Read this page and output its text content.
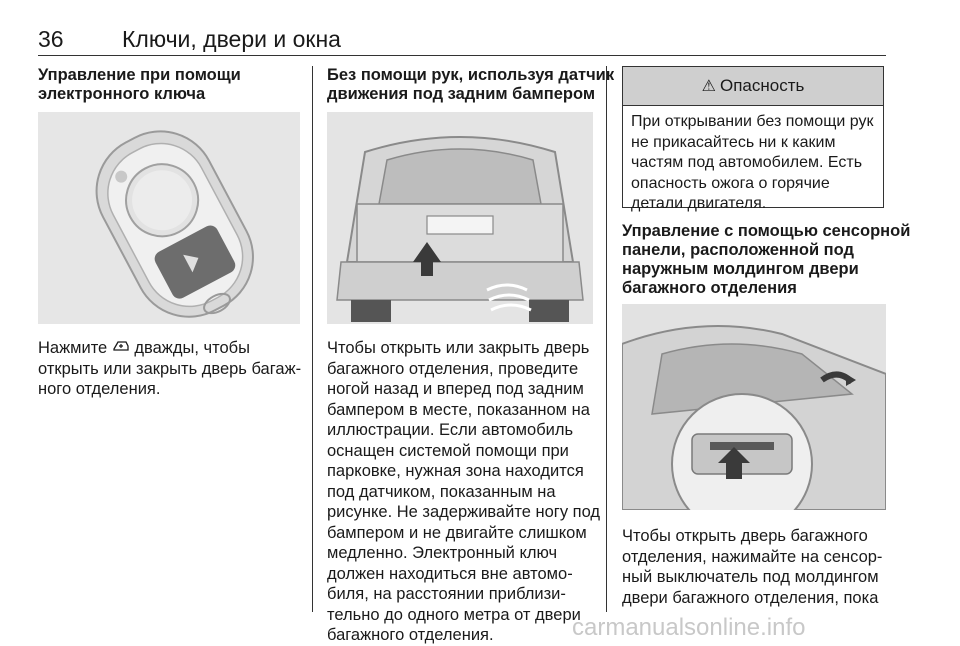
36	Ключи, двери и окна
Управление при помощи
электронного ключа
Нажмите  дважды, чтобы
открыть или закрыть дверь багаж-
ного отделения.
Без помощи рук, используя датчик
движения под задним бампером
Чтобы открыть или закрыть дверь
багажного отделения, проведите
ногой назад и вперед под задним
бампером в месте, показанном на
иллюстрации. Если автомобиль
оснащен системой помощи при
парковке, нужная зона находится
под датчиком, показанным на
рисунке. Не задерживайте ногу под
бампером и не двигайте слишком
медленно. Электронный ключ
должен находиться вне автомо-
биля, на расстоянии приблизи-
тельно до одного метра от двери
багажного отделения.
⚠ Опасность
При открывании без помощи рук
не прикасайтесь ни к каким
частям под автомобилем. Есть
опасность ожога о горячие
детали двигателя.
Управление с помощью сенсорной
панели, расположенной под
наружным молдингом двери
багажного отделения
Чтобы открыть дверь багажного
отделения, нажимайте на сенсор-
ный выключатель под молдингом
двери багажного отделения, пока
carmanualsonline.info
